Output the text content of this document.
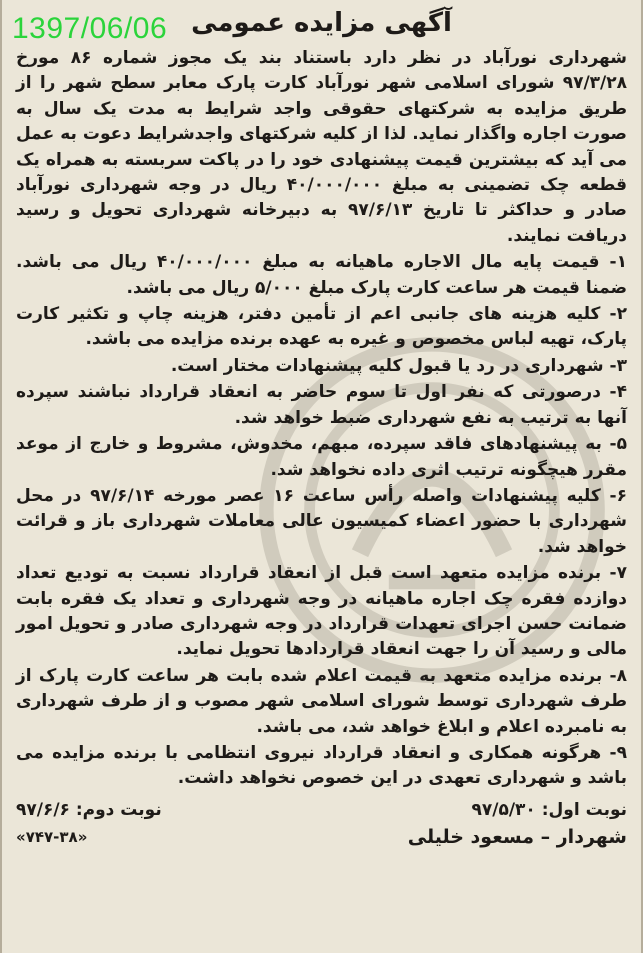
1397/06/06 آگهی مزایده عمومی

شهرداری نورآباد در نظر دارد باستناد بند یک مجوز شماره ۸۶ مورخ ۹۷/۳/۲۸ شورای اسلامی شهر نورآباد کارت پارک معابر سطح شهر را از طریق مزایده به شرکتهای حقوقی واجد شرایط به مدت یک سال به صورت اجاره واگذار نماید. لذا از کلیه شرکتهای واجدشرایط دعوت به عمل می آید که بیشترین قیمت پیشنهادی خود را در پاکت سربسته به همراه یک قطعه چک تضمینی به مبلغ ۴۰/۰۰۰/۰۰۰ ریال در وجه شهرداری نورآباد صادر و حداکثر تا تاریخ ۹۷/۶/۱۳ به دبیرخانه شهرداری تحویل و رسید دریافت نمایند.

۱- قیمت پایه مال الاجاره ماهیانه به مبلغ ۴۰/۰۰۰/۰۰۰ ریال می باشد. ضمنا قیمت هر ساعت کارت پارک مبلغ ۵/۰۰۰ ریال می باشد.

۲- کلیه هزینه های جانبی اعم از تأمین دفتر، هزینه چاپ و تکثیر کارت پارک، تهیه لباس مخصوص و غیره به عهده برنده مزایده می باشد.

۳- شهرداری در رد یا قبول کلیه پیشنهادات مختار است.

۴- درصورتی که نفر اول تا سوم حاضر به انعقاد قرارداد نباشند سپرده آنها به ترتیب به نفع شهرداری ضبط خواهد شد.

۵- به پیشنهادهای فاقد سپرده، مبهم، مخدوش، مشروط و خارج از موعد مقرر هیچگونه ترتیب اثری داده نخواهد شد.

۶- کلیه پیشنهادات واصله رأس ساعت ۱۶ عصر مورخه ۹۷/۶/۱۴ در محل شهرداری با حضور اعضاء کمیسیون عالی معاملات شهرداری باز و قرائت خواهد شد.

۷- برنده مزایده متعهد است قبل از انعقاد قرارداد نسبت به تودیع تعداد دوازده فقره چک اجاره ماهیانه در وجه شهرداری و تعداد یک فقره بابت ضمانت حسن اجرای تعهدات قرارداد در وجه شهرداری صادر و تحویل امور مالی و رسید آن را جهت انعقاد قراردادها تحویل نماید.

۸- برنده مزایده متعهد به قیمت اعلام شده بابت هر ساعت کارت پارک از طرف شهرداری توسط شورای اسلامی شهر مصوب و از طرف شهرداری به نامبرده اعلام و ابلاغ خواهد شد، می باشد.

۹- هرگونه همکاری و انعقاد قرارداد نیروی انتظامی با برنده مزایده می باشد و شهرداری تعهدی در این خصوص نخواهد داشت.

نوبت اول: ۹۷/۵/۳۰
نوبت دوم: ۹۷/۶/۶
شهردار – مسعود خلیلی
«۷۴۷-۳۸»
